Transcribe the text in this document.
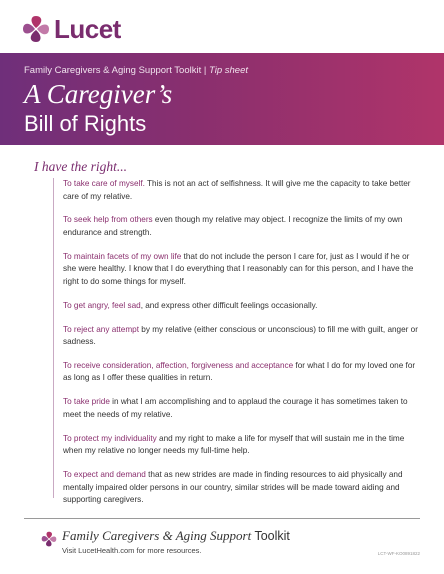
Lucet
Family Caregivers & Aging Support Toolkit | Tip sheet
A Caregiver’s
Bill of Rights
I have the right...

To take care of myself. This is not an act of selfishness. It will give me the capacity to take better care of my relative.

To seek help from others even though my relative may object. I recognize the limits of my own endurance and strength.

To maintain facets of my own life that do not include the person I care for, just as I would if he or she were healthy. I know that I do everything that I reasonably can for this person, and I have the right to do some things for myself.

To get angry, feel sad, and express other difficult feelings occasionally.

To reject any attempt by my relative (either conscious or unconscious) to fill me with guilt, anger or sadness.

To receive consideration, affection, forgiveness and acceptance for what I do for my loved one for as long as I offer these qualities in return.

To take pride in what I am accomplishing and to applaud the courage it has sometimes taken to meet the needs of my relative.

To protect my individuality and my right to make a life for myself that will sustain me in the time when my relative no longer needs my full-time help.

To expect and demand that as new strides are made in finding resources to aid physically and mentally impaired older persons in our country, similar strides will be made toward aiding and supporting caregivers.

Family Caregivers & Aging Support Toolkit
Visit LucetHealth.com for more resources.	LCT-WF-KO0891822
